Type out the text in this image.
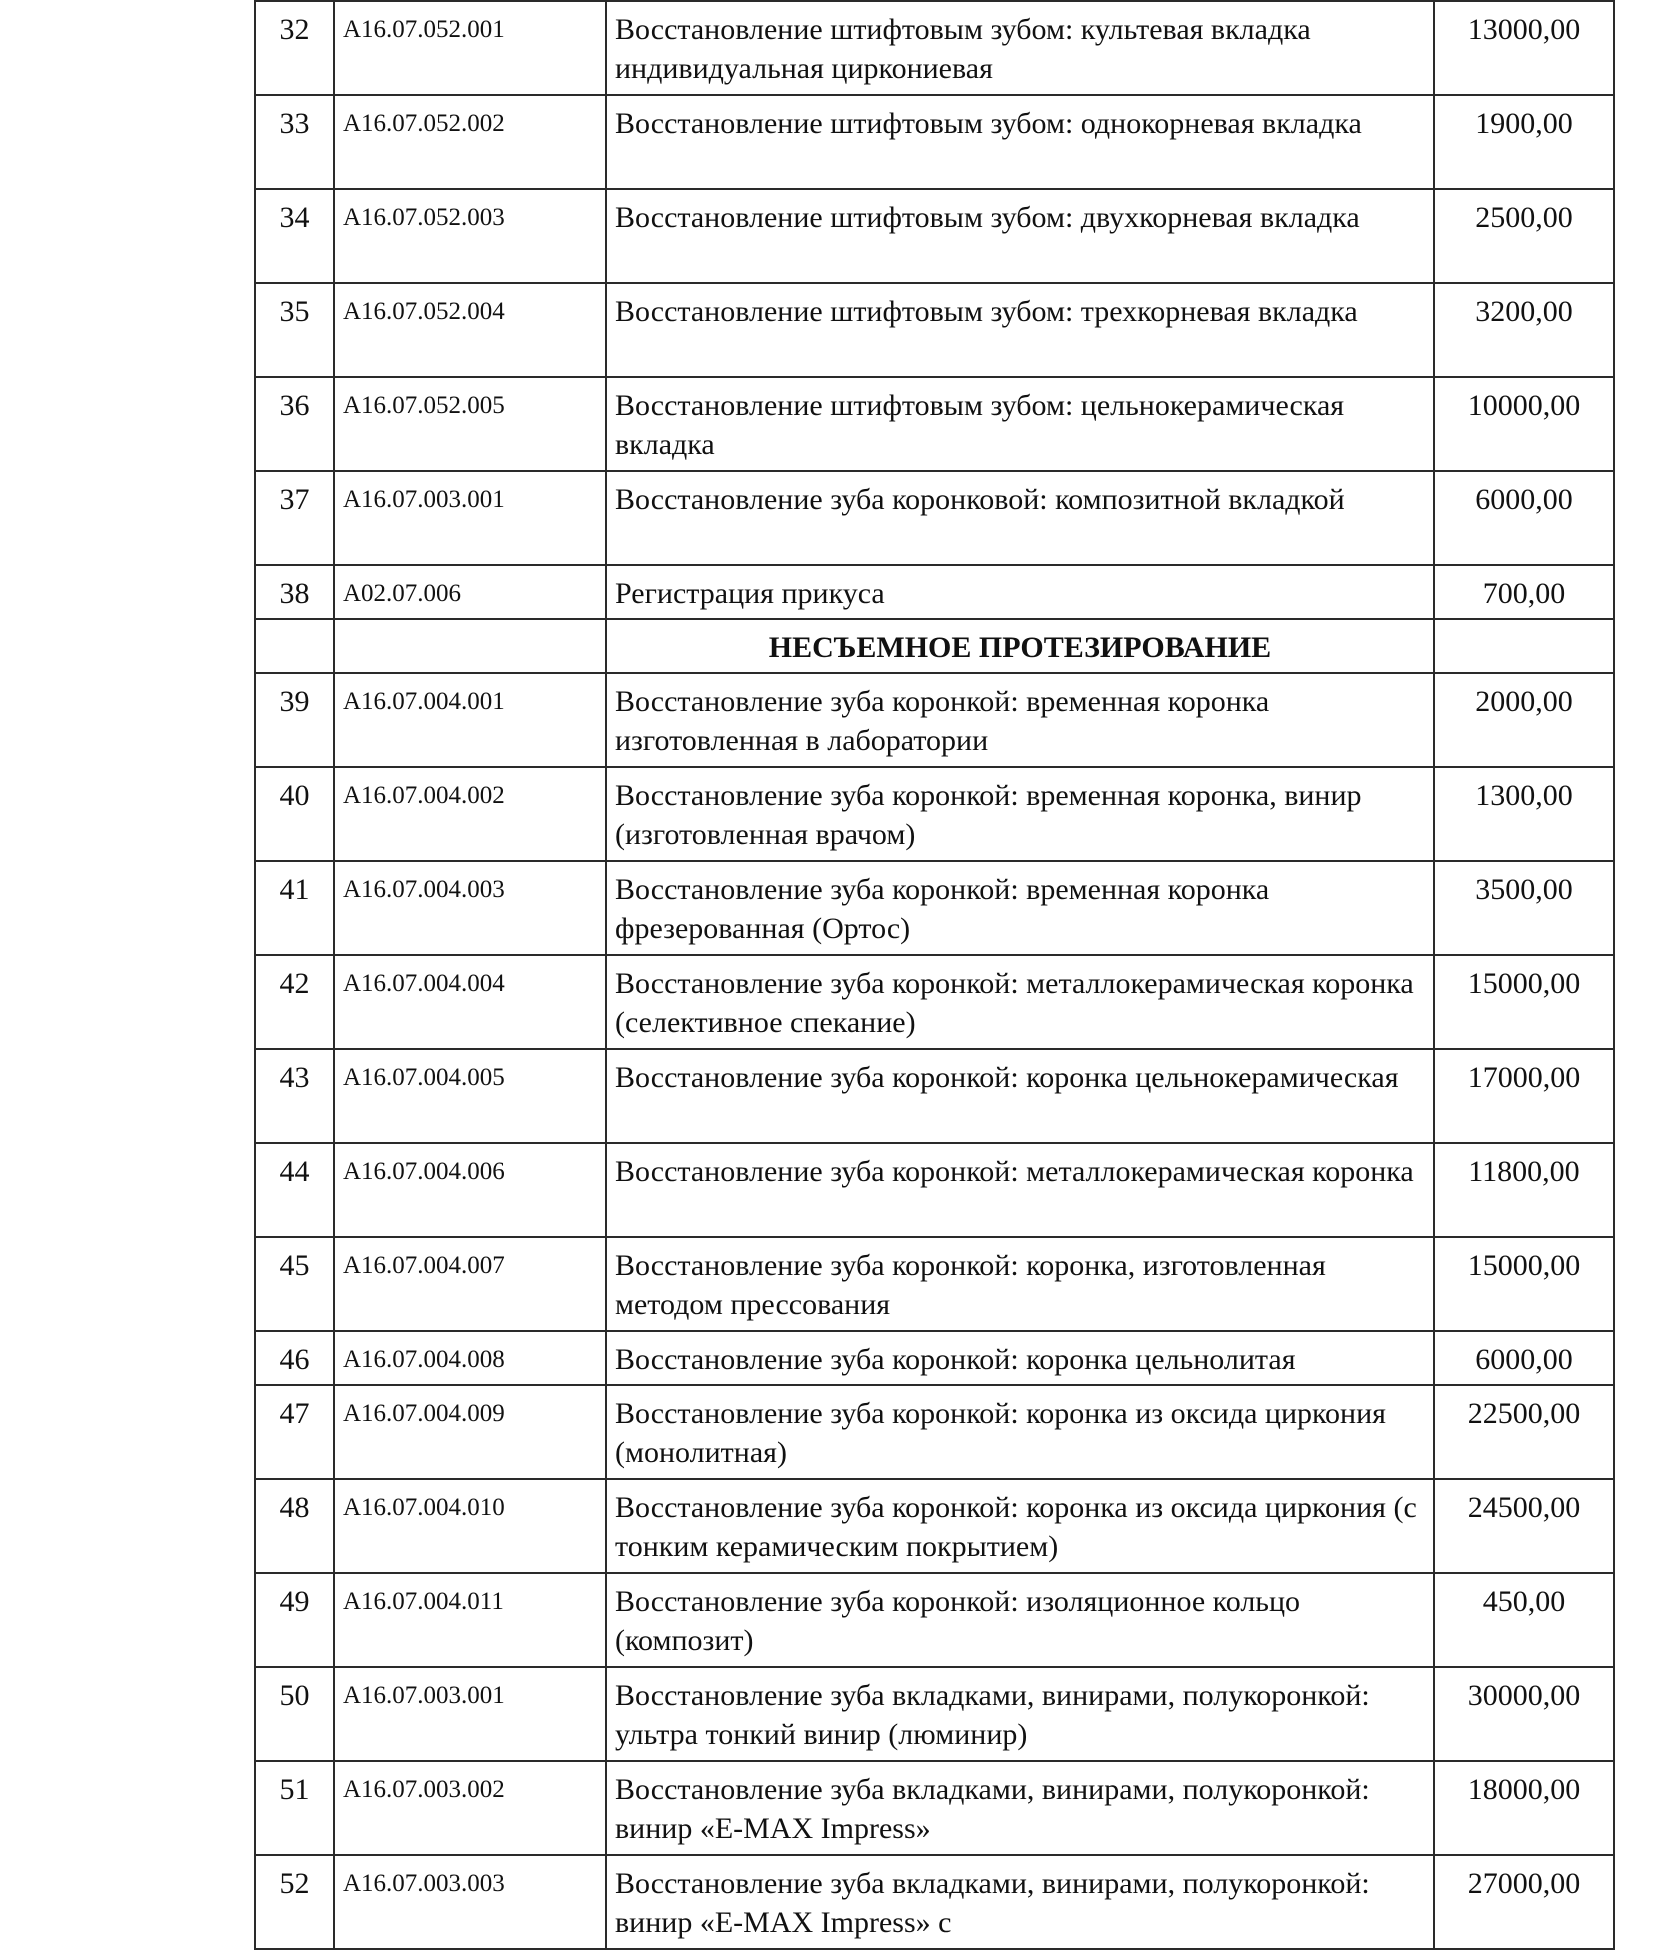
32	А16.07.052.001	Восстановление штифтовым зубом: культевая вкладка индивидуальная циркониевая	13000,00
33	А16.07.052.002	Восстановление штифтовым зубом: однокорневая вкладка	1900,00
34	А16.07.052.003	Восстановление штифтовым зубом: двухкорневая вкладка	2500,00
35	А16.07.052.004	Восстановление штифтовым зубом: трехкорневая вкладка	3200,00
36	А16.07.052.005	Восстановление штифтовым зубом: цельнокерамическая вкладка	10000,00
37	А16.07.003.001	Восстановление зуба коронковой: композитной вкладкой	6000,00
38	А02.07.006	Регистрация прикуса	700,00
		НЕСЪЕМНОЕ ПРОТЕЗИРОВАНИЕ	
39	А16.07.004.001	Восстановление зуба коронкой: временная коронка изготовленная в лаборатории	2000,00
40	А16.07.004.002	Восстановление зуба коронкой: временная коронка, винир (изготовленная врачом)	1300,00
41	А16.07.004.003	Восстановление зуба коронкой: временная коронка фрезерованная (Ортос)	3500,00
42	А16.07.004.004	Восстановление зуба коронкой: металлокерамическая коронка (селективное спекание)	15000,00
43	А16.07.004.005	Восстановление зуба коронкой: коронка цельнокерамическая	17000,00
44	А16.07.004.006	Восстановление зуба коронкой: металлокерамическая коронка	11800,00
45	А16.07.004.007	Восстановление зуба коронкой: коронка, изготовленная методом прессования	15000,00
46	А16.07.004.008	Восстановление зуба коронкой: коронка цельнолитая	6000,00
47	А16.07.004.009	Восстановление зуба коронкой: коронка из оксида циркония (монолитная)	22500,00
48	А16.07.004.010	Восстановление зуба коронкой: коронка из оксида циркония (с тонким керамическим покрытием)	24500,00
49	А16.07.004.011	Восстановление зуба коронкой: изоляционное кольцо (композит)	450,00
50	А16.07.003.001	Восстановление зуба вкладками, винирами, полукоронкой: ультра тонкий винир (люминир)	30000,00
51	А16.07.003.002	Восстановление зуба вкладками, винирами, полукоронкой: винир «E-MAX Impress»	18000,00
52	А16.07.003.003	Восстановление зуба вкладками, винирами, полукоронкой: винир «E-MAX Impress» с	27000,00
